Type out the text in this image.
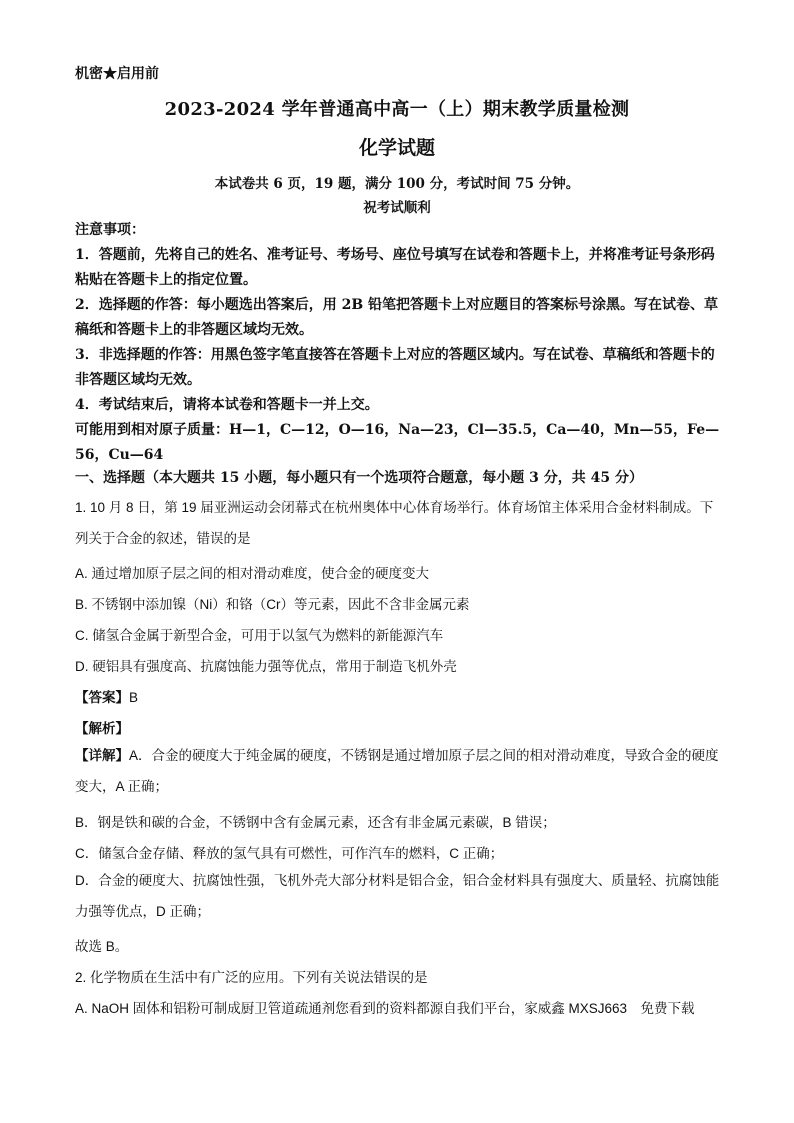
机密★启用前
2023-2024 学年普通高中高一（上）期末教学质量检测
化学试题
本试卷共 6 页，19 题，满分 100 分，考试时间 75 分钟。
祝考试顺利
注意事项：
1．答题前，先将自己的姓名、准考证号、考场号、座位号填写在试卷和答题卡上，并将准考证号条形码粘贴在答题卡上的指定位置。
2．选择题的作答：每小题选出答案后，用 2B 铅笔把答题卡上对应题目的答案标号涂黑。写在试卷、草稿纸和答题卡上的非答题区域均无效。
3．非选择题的作答：用黑色签字笔直接答在答题卡上对应的答题区域内。写在试卷、草稿纸和答题卡的非答题区域均无效。
4．考试结束后，请将本试卷和答题卡一并上交。
可能用到相对原子质量：H—1，C—12，O—16，Na—23，Cl—35.5，Ca—40，Mn—55，Fe—56，Cu—64
一、选择题（本大题共 15 小题，每小题只有一个选项符合题意，每小题 3 分，共 45 分）
1. 10 月 8 日，第 19 届亚洲运动会闭幕式在杭州奥体中心体育场举行。体育场馆主体采用合金材料制成。下列关于合金的叙述，错误的是
A. 通过增加原子层之间的相对滑动难度，使合金的硬度变大
B. 不锈钢中添加镍（Ni）和铬（Cr）等元素，因此不含非金属元素
C. 储氢合金属于新型合金，可用于以氢气为燃料的新能源汽车
D. 硬铝具有强度高、抗腐蚀能力强等优点，常用于制造飞机外壳
【答案】B
【解析】
【详解】A．合金的硬度大于纯金属的硬度，不锈钢是通过增加原子层之间的相对滑动难度，导致合金的硬度变大，A 正确；
B．钢是铁和碳的合金，不锈钢中含有金属元素，还含有非金属元素碳，B 错误；
C．储氢合金存储、释放的氢气具有可燃性，可作汽车的燃料，C 正确；
D．合金的硬度大、抗腐蚀性强，飞机外壳大部分材料是铝合金，铝合金材料具有强度大、质量轻、抗腐蚀能力强等优点，D 正确；
故选 B。
2. 化学物质在生活中有广泛的应用。下列有关说法错误的是
A. NaOH 固体和铝粉可制成厨卫管道疏通剂您看到的资料都源自我们平台，家威鑫 MXSJ663　免费下载
